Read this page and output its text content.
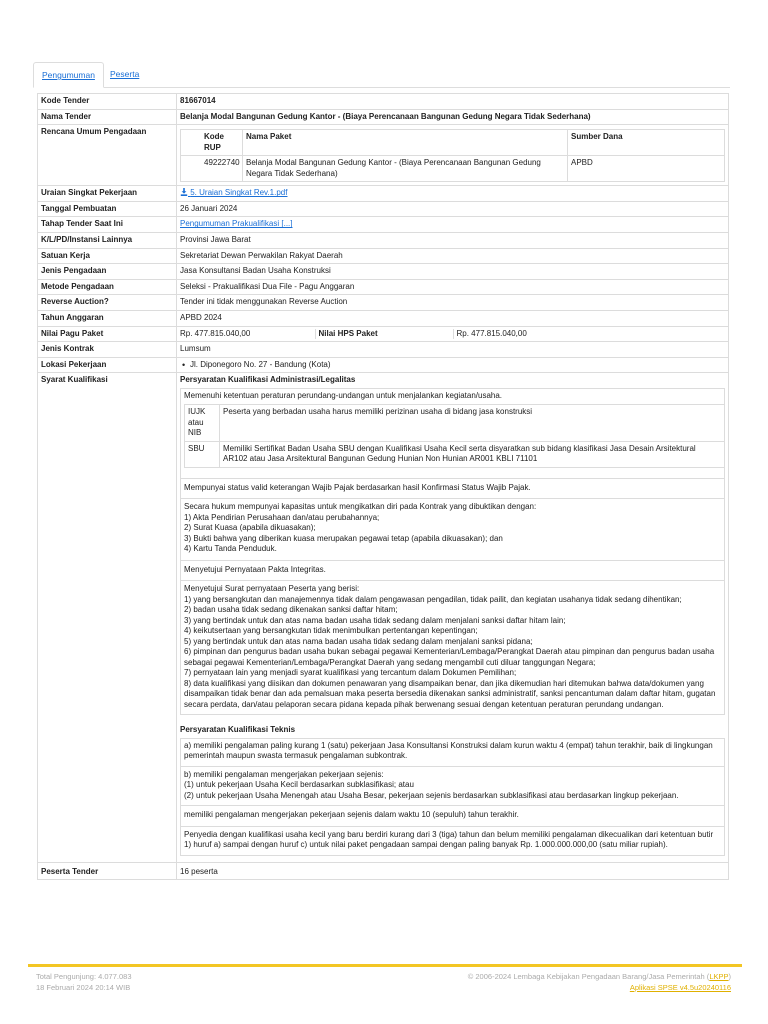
Pengumuman	Peserta
Kode Tender	81667014
Nama Tender	Belanja Modal Bangunan Gedung Kantor - (Biaya Perencanaan Bangunan Gedung Negara Tidak Sederhana)
Rencana Umum Pengadaan	
Kode RUP	Nama Paket	Sumber Dana
49222740	Belanja Modal Bangunan Gedung Kantor - (Biaya Perencanaan Bangunan Gedung Negara Tidak Sederhana)	APBD

Uraian Singkat Pekerjaan	5. Uraian Singkat Rev.1.pdf
Tanggal Pembuatan	26 Januari 2024
Tahap Tender Saat Ini	Pengumuman Prakualifikasi [...]
K/L/PD/Instansi Lainnya	Provinsi Jawa Barat
Satuan Kerja	Sekretariat Dewan Perwakilan Rakyat Daerah
Jenis Pengadaan	Jasa Konsultansi Badan Usaha Konstruksi
Metode Pengadaan	Seleksi - Prakualifikasi Dua File - Pagu Anggaran
Reverse Auction?	Tender ini tidak menggunakan Reverse Auction
Tahun Anggaran	APBD 2024
Nilai Pagu Paket		Rp. 477.815.040,00	Nilai HPS Paket	Rp. 477.815.040,00

Jenis Kontrak	Lumsum
Lokasi Pekerjaan	
•Jl. Diponegoro No. 27 - Bandung (Kota)

Syarat Kualifikasi	Persyaratan Kualifikasi Administrasi/Legalitas
Memenuhi ketentuan peraturan perundang-undangan untuk menjalankan kegiatan/usaha.
IUJK atau NIB	Peserta yang berbadan usaha harus memiliki perizinan usaha di bidang jasa konstruksi
SBU	Memiliki Sertifikat Badan Usaha SBU dengan Kualifikasi Usaha Kecil serta disyaratkan sub bidang klasifikasi Jasa Desain Arsitektural AR102 atau Jasa Arsitektural Bangunan Gedung Hunian Non Hunian AR001 KBLI 71101
Mempunyai status valid keterangan Wajib Pajak berdasarkan hasil Konfirmasi Status Wajib Pajak.
Secara hukum mempunyai kapasitas untuk mengikatkan diri pada Kontrak yang dibuktikan dengan:
1) Akta Pendirian Perusahaan dan/atau perubahannya;
2) Surat Kuasa (apabila dikuasakan);
3) Bukti bahwa yang diberikan kuasa merupakan pegawai tetap (apabila dikuasakan); dan
4) Kartu Tanda Penduduk.
Menyetujui Pernyataan Pakta Integritas.
Menyetujui Surat pernyataan Peserta yang berisi:
1) yang bersangkutan dan manajemennya tidak dalam pengawasan pengadilan, tidak pailit, dan kegiatan usahanya tidak sedang dihentikan;
2) badan usaha tidak sedang dikenakan sanksi daftar hitam;
3) yang bertindak untuk dan atas nama badan usaha tidak sedang dalam menjalani sanksi daftar hitam lain;
4) keikutsertaan yang bersangkutan tidak menimbulkan pertentangan kepentingan;
5) yang bertindak untuk dan atas nama badan usaha tidak sedang dalam menjalani sanksi pidana;
6) pimpinan dan pengurus badan usaha bukan sebagai pegawai Kementerian/Lembaga/Perangkat Daerah atau pimpinan dan pengurus badan usaha sebagai pegawai Kementerian/Lembaga/Perangkat Daerah yang sedang mengambil cuti diluar tanggungan Negara;
7) pernyataan lain yang menjadi syarat kualifikasi yang tercantum dalam Dokumen Pemilihan;
8) data kualifikasi yang diisikan dan dokumen penawaran yang disampaikan benar, dan jika dikemudian hari ditemukan bahwa data/dokumen yang disampaikan tidak benar dan ada pemalsuan maka peserta bersedia dikenakan sanksi administratif, sanksi pencantuman dalam daftar hitam, gugatan secara perdata, dan/atau pelaporan secara pidana kepada pihak berwenang sesuai dengan ketentuan peraturan perundang undangan.
Persyaratan Kualifikasi Teknis
a) memiliki pengalaman paling kurang 1 (satu) pekerjaan Jasa Konsultansi Konstruksi dalam kurun waktu 4 (empat) tahun terakhir, baik di lingkungan pemerintah maupun swasta termasuk pengalaman subkontrak.
b) memiliki pengalaman mengerjakan pekerjaan sejenis:
(1) untuk pekerjaan Usaha Kecil berdasarkan subklasifikasi; atau
(2) untuk pekerjaan Usaha Menengah atau Usaha Besar, pekerjaan sejenis berdasarkan subklasifikasi atau berdasarkan lingkup pekerjaan.
memiliki pengalaman mengerjakan pekerjaan sejenis dalam waktu 10 (sepuluh) tahun terakhir.
Penyedia dengan kualifikasi usaha kecil yang baru berdiri kurang dari 3 (tiga) tahun dan belum memiliki pengalaman dikecualikan dari ketentuan butir 1) huruf a) sampai dengan huruf c) untuk nilai paket pengadaan sampai dengan paling banyak Rp. 1.000.000.000,00 (satu miliar rupiah).

Peserta Tender	16 peserta
Total Pengunjung: 4.077.083
18 Februari 2024 20:14 WIB
© 2006-2024 Lembaga Kebijakan Pengadaan Barang/Jasa Pemerintah (LKPP)
Aplikasi SPSE v4.5u20240116
